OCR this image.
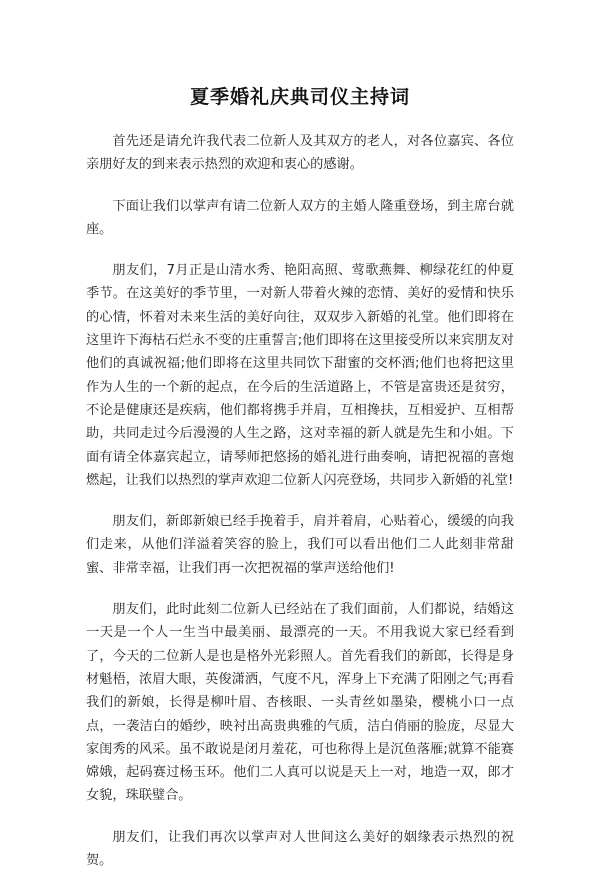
夏季婚礼庆典司仪主持词

首先还是请允许我代表二位新人及其双方的老人，对各位嘉宾、各位亲朋好友的到来表示热烈的欢迎和衷心的感谢。

下面让我们以掌声有请二位新人双方的主婚人隆重登场，到主席台就座。

朋友们，7月正是山清水秀、艳阳高照、莺歌燕舞、柳绿花红的仲夏季节。在这美好的季节里，一对新人带着火辣的恋情、美好的爱情和快乐的心情，怀着对未来生活的美好向往，双双步入新婚的礼堂。他们即将在这里许下海枯石烂永不变的庄重誓言;他们即将在这里接受所以来宾朋友对他们的真诚祝福;他们即将在这里共同饮下甜蜜的交杯酒;他们也将把这里作为人生的一个新的起点，在今后的生活道路上，不管是富贵还是贫穷，不论是健康还是疾病，他们都将携手并肩，互相搀扶，互相爱护、互相帮助，共同走过今后漫漫的人生之路，这对幸福的新人就是先生和小姐。下面有请全体嘉宾起立，请琴师把悠扬的婚礼进行曲奏响，请把祝福的喜炮燃起，让我们以热烈的掌声欢迎二位新人闪亮登场，共同步入新婚的礼堂!

朋友们，新郎新娘已经手挽着手，肩并着肩，心贴着心，缓缓的向我们走来，从他们洋溢着笑容的脸上，我们可以看出他们二人此刻非常甜蜜、非常幸福，让我们再一次把祝福的掌声送给他们!

朋友们，此时此刻二位新人已经站在了我们面前，人们都说，结婚这一天是一个人一生当中最美丽、最漂亮的一天。不用我说大家已经看到了，今天的二位新人是也是格外光彩照人。首先看我们的新郎，长得是身材魁梧，浓眉大眼，英俊潇洒，气度不凡，浑身上下充满了阳刚之气;再看我们的新娘，长得是柳叶眉、杏核眼、一头青丝如墨染，樱桃小口一点点，一袭洁白的婚纱，映衬出高贵典雅的气质，洁白俏丽的脸庞，尽显大家闺秀的风采。虽不敢说是闭月羞花，可也称得上是沉鱼落雁;就算不能赛嫦娥，起码赛过杨玉环。他们二人真可以说是天上一对，地造一双，郎才女貌，珠联璧合。

朋友们，让我们再次以掌声对人世间这么美好的姻缘表示热烈的祝贺。
